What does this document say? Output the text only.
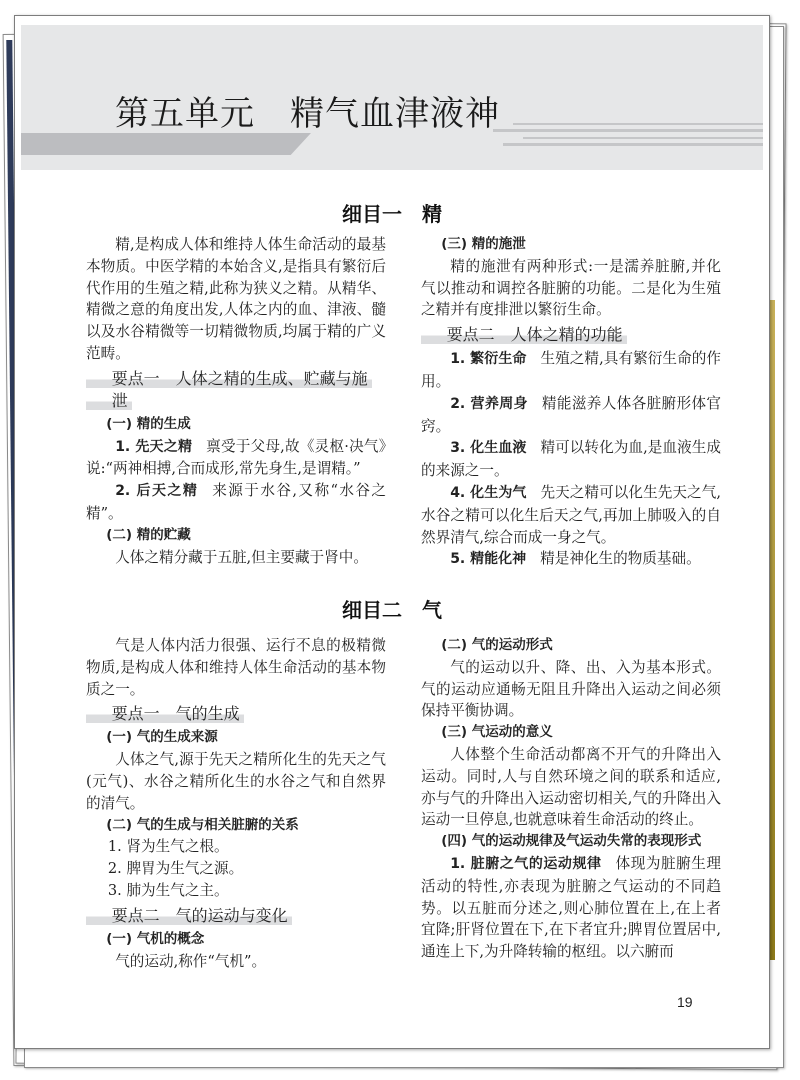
第五单元　精气血津液神
细目一　精

精,是构成人体和维持人体生命活动的最基本物质。中医学精的本始含义,是指具有繁衍后代作用的生殖之精,此称为狭义之精。从精华、精微之意的角度出发,人体之内的血、津液、髓以及水谷精微等一切精微物质,均属于精的广义范畴。

要点一　人体之精的生成、贮藏与施泄

(一) 精的生成

1. 先天之精 禀受于父母,故《灵枢·决气》说:“两神相搏,合而成形,常先身生,是谓精。”

2. 后天之精 来源于水谷,又称“水谷之精”。

(二) 精的贮藏

人体之精分藏于五脏,但主要藏于肾中。

(三) 精的施泄

精的施泄有两种形式:一是濡养脏腑,并化气以推动和调控各脏腑的功能。二是化为生殖之精并有度排泄以繁衍生命。

要点二　人体之精的功能

1. 繁衍生命 生殖之精,具有繁衍生命的作用。

2. 营养周身 精能滋养人体各脏腑形体官窍。

3. 化生血液 精可以转化为血,是血液生成的来源之一。

4. 化生为气 先天之精可以化生先天之气,水谷之精可以化生后天之气,再加上肺吸入的自然界清气,综合而成一身之气。

5. 精能化神 精是神化生的物质基础。

细目二　气

气是人体内活力很强、运行不息的极精微物质,是构成人体和维持人体生命活动的基本物质之一。

要点一　气的生成

(一) 气的生成来源

人体之气,源于先天之精所化生的先天之气(元气)、水谷之精所化生的水谷之气和自然界的清气。

(二) 气的生成与相关脏腑的关系

1. 肾为生气之根。

2. 脾胃为生气之源。

3. 肺为生气之主。

要点二　气的运动与变化

(一) 气机的概念

气的运动,称作“气机”。

(二) 气的运动形式

气的运动以升、降、出、入为基本形式。气的运动应通畅无阻且升降出入运动之间必须保持平衡协调。

(三) 气运动的意义

人体整个生命活动都离不开气的升降出入运动。同时,人与自然环境之间的联系和适应,亦与气的升降出入运动密切相关,气的升降出入运动一旦停息,也就意味着生命活动的终止。

(四) 气的运动规律及气运动失常的表现形式

1. 脏腑之气的运动规律 体现为脏腑生理活动的特性,亦表现为脏腑之气运动的不同趋势。以五脏而分述之,则心肺位置在上,在上者宜降;肝肾位置在下,在下者宜升;脾胃位置居中,通连上下,为升降转输的枢纽。以六腑而

19
